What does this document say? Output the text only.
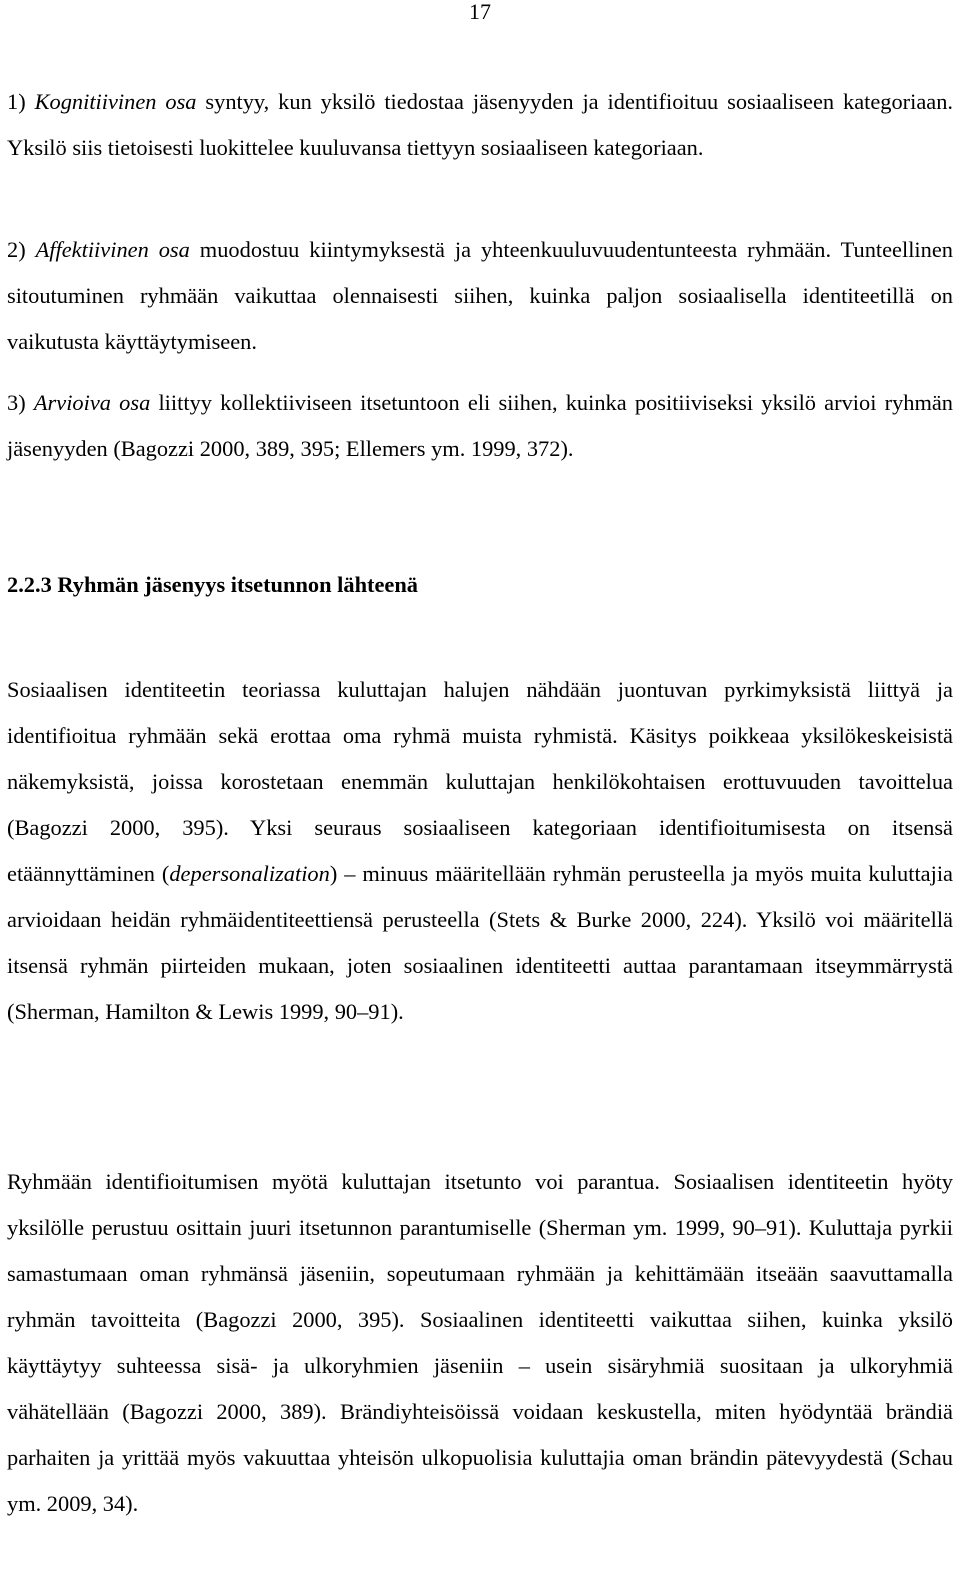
17

1) Kognitiivinen osa syntyy, kun yksilö tiedostaa jäsenyyden ja identifioituu sosiaaliseen kategoriaan. Yksilö siis tietoisesti luokittelee kuuluvansa tiettyyn sosiaaliseen kategoriaan.

2) Affektiivinen osa muodostuu kiintymyksestä ja yhteenkuuluvuudentunteesta ryhmään. Tunteellinen sitoutuminen ryhmään vaikuttaa olennaisesti siihen, kuinka paljon sosiaalisella identiteetillä on vaikutusta käyttäytymiseen.

3) Arvioiva osa liittyy kollektiiviseen itsetuntoon eli siihen, kuinka positiiviseksi yksilö arvioi ryhmän jäsenyyden (Bagozzi 2000, 389, 395; Ellemers ym. 1999, 372).

2.2.3 Ryhmän jäsenyys itsetunnon lähteenä

Sosiaalisen identiteetin teoriassa kuluttajan halujen nähdään juontuvan pyrkimyksistä liittyä ja identifioitua ryhmään sekä erottaa oma ryhmä muista ryhmistä. Käsitys poikkeaa yksilökeskeisistä näkemyksistä, joissa korostetaan enemmän kuluttajan henkilökohtaisen erottuvuuden tavoittelua (Bagozzi 2000, 395). Yksi seuraus sosiaaliseen kategoriaan identifioitumisesta on itsensä etäännyttäminen (depersonalization) – minuus määritellään ryhmän perusteella ja myös muita kuluttajia arvioidaan heidän ryhmäidentiteettiensä perusteella (Stets & Burke 2000, 224). Yksilö voi määritellä itsensä ryhmän piirteiden mukaan, joten sosiaalinen identiteetti auttaa parantamaan itseymmärrystä (Sherman, Hamilton & Lewis 1999, 90–91).

Ryhmään identifioitumisen myötä kuluttajan itsetunto voi parantua. Sosiaalisen identiteetin hyöty yksilölle perustuu osittain juuri itsetunnon parantumiselle (Sherman ym. 1999, 90–91). Kuluttaja pyrkii samastumaan oman ryhmänsä jäseniin, sopeutumaan ryhmään ja kehittämään itseään saavuttamalla ryhmän tavoitteita (Bagozzi 2000, 395). Sosiaalinen identiteetti vaikuttaa siihen, kuinka yksilö käyttäytyy suhteessa sisä- ja ulkoryhmien jäseniin – usein sisäryhmiä suositaan ja ulkoryhmiä vähätellään (Bagozzi 2000, 389). Brändiyhteisöissä voidaan keskustella, miten hyödyntää brändiä parhaiten ja yrittää myös vakuuttaa yhteisön ulkopuolisia kuluttajia oman brändin pätevyydestä (Schau ym. 2009, 34).
